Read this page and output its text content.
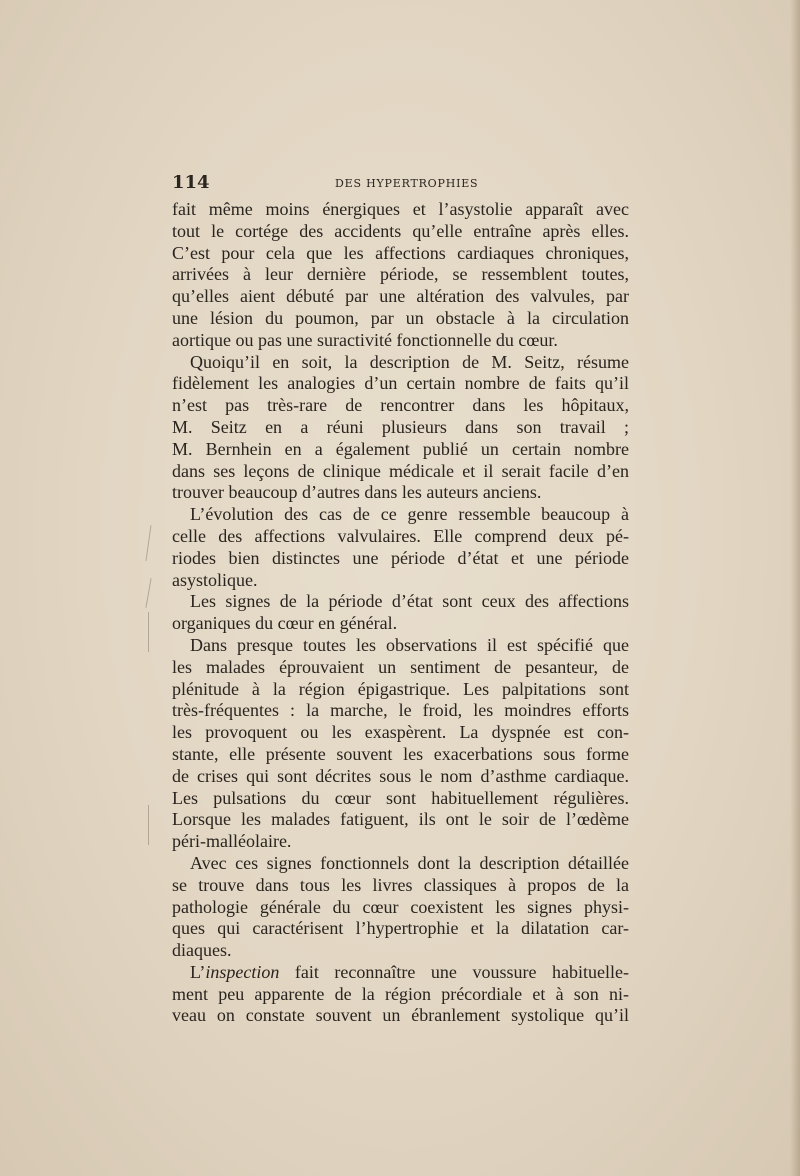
114	DES HYPERTROPHIES
fait même moins énergiques et l’asystolie apparaît avec
tout le cortége des accidents qu’elle entraîne après elles.
C’est pour cela que les affections cardiaques chroniques,
arrivées à leur dernière période, se ressemblent toutes,
qu’elles aient débuté par une altération des valvules, par
une lésion du poumon, par un obstacle à la circulation
aortique ou pas une suractivité fonctionnelle du cœur.
Quoiqu’il en soit, la description de M. Seitz, résume
fidèlement les analogies d’un certain nombre de faits qu’il
n’est pas très-rare de rencontrer dans les hôpitaux,
M. Seitz en a réuni plusieurs dans son travail ;
M. Bernhein en a également publié un certain nombre
dans ses leçons de clinique médicale et il serait facile d’en
trouver beaucoup d’autres dans les auteurs anciens.
L’évolution des cas de ce genre ressemble beaucoup à
celle des affections valvulaires. Elle comprend deux pé-
riodes bien distinctes une période d’état et une période
asystolique.
Les signes de la période d’état sont ceux des affections
organiques du cœur en général.
Dans presque toutes les observations il est spécifié que
les malades éprouvaient un sentiment de pesanteur, de
plénitude à la région épigastrique. Les palpitations sont
très-fréquentes : la marche, le froid, les moindres efforts
les provoquent ou les exaspèrent. La dyspnée est con-
stante, elle présente souvent les exacerbations sous forme
de crises qui sont décrites sous le nom d’asthme cardiaque.
Les pulsations du cœur sont habituellement régulières.
Lorsque les malades fatiguent, ils ont le soir de l’œdème
péri-malléolaire.
Avec ces signes fonctionnels dont la description détaillée
se trouve dans tous les livres classiques à propos de la
pathologie générale du cœur coexistent les signes physi-
ques qui caractérisent l’hypertrophie et la dilatation car-
diaques.
L’inspection fait reconnaître une voussure habituelle-
ment peu apparente de la région précordiale et à son ni-
veau on constate souvent un ébranlement systolique qu’il
